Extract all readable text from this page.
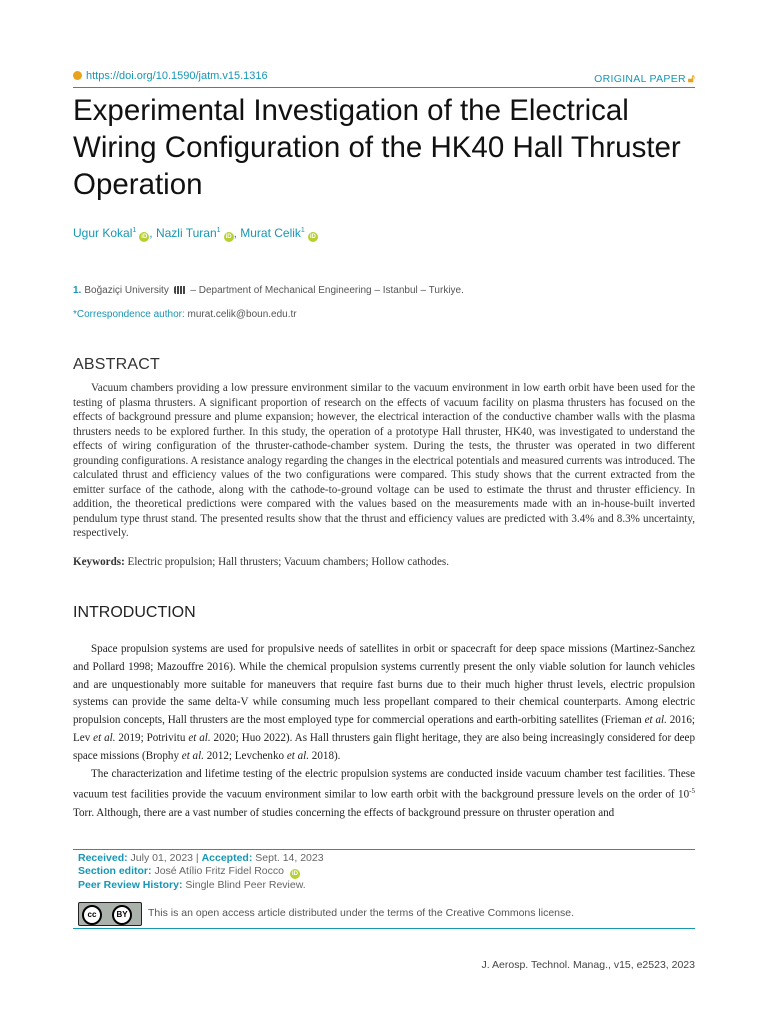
https://doi.org/10.1590/jatm.v15.1316	ORIGINAL PAPER 🔓︎
Experimental Investigation of the Electrical Wiring Configuration of the HK40 Hall Thruster Operation
Ugur Kokal$^1$iD , Nazli Turan$^1$iD , Murat Celik$^1$iD
1. Boğaziçi University – Department of Mechanical Engineering – Istanbul – Turkiye.
*Correspondence author: murat.celik@boun.edu.tr
ABSTRACT

Vacuum chambers providing a low pressure environment similar to the vacuum environment in low earth orbit have been used for the testing of plasma thrusters. A significant proportion of research on the effects of vacuum facility on plasma thrusters has focused on the effects of background pressure and plume expansion; however, the electrical interaction of the conductive chamber walls with the plasma thrusters needs to be explored further. In this study, the operation of a prototype Hall thruster, HK40, was investigated to understand the effects of wiring configuration of the thruster-cathode-chamber system. During the tests, the thruster was operated in two different grounding configurations. A resistance analogy regarding the changes in the electrical potentials and measured currents was introduced. The calculated thrust and efficiency values of the two configurations were compared. This study shows that the current extracted from the emitter surface of the cathode, along with the cathode-to-ground voltage can be used to estimate the thrust and thruster efficiency. In addition, the theoretical predictions were compared with the values based on the measurements made with an in-house-built inverted pendulum type thrust stand. The presented results show that the thrust and efficiency values are predicted with 3.4% and 8.3% uncertainty, respectively.

Keywords: Electric propulsion; Hall thrusters; Vacuum chambers; Hollow cathodes.

INTRODUCTION

Space propulsion systems are used for propulsive needs of satellites in orbit or spacecraft for deep space missions (Martinez-Sanchez and Pollard 1998; Mazouffre 2016). While the chemical propulsion systems currently present the only viable solution for launch vehicles and are unquestionably more suitable for maneuvers that require fast burns due to their much higher thrust levels, electric propulsion systems can provide the same delta-V while consuming much less propellant compared to their chemical counterparts. Among electric propulsion concepts, Hall thrusters are the most employed type for commercial operations and earth-orbiting satellites (Frieman et al. 2016; Lev et al. 2019; Potrivitu et al. 2020; Huo 2022). As Hall thrusters gain flight heritage, they are also being increasingly considered for deep space missions (Brophy et al. 2012; Levchenko et al. 2018).

The characterization and lifetime testing of the electric propulsion systems are conducted inside vacuum chamber test facilities. These vacuum test facilities provide the vacuum environment similar to low earth orbit with the background pressure levels on the order of $10^{-5}$ Torr. Although, there are a vast number of studies concerning the effects of background pressure on thruster operation and

Received: July 01, 2023 | Accepted: Sept. 14, 2023
Section editor: José Atílio Fritz Fidel Rocco iD
Peer Review History: Single Blind Peer Review.
cc	BY	This is an open access article distributed under the terms of the Creative Commons license.
J. Aerosp. Technol. Manag., v15, e2523, 2023
